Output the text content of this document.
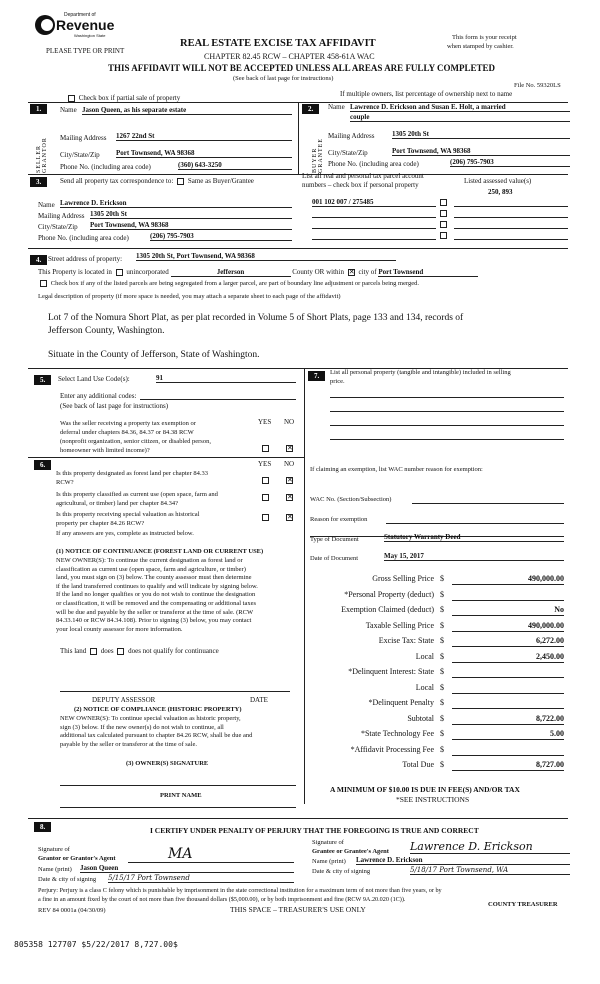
Department of
Revenue
Washington State
PLEASE TYPE OR PRINT
REAL ESTATE EXCISE TAX AFFIDAVIT
CHAPTER 82.45 RCW – CHAPTER 458-61A WAC
THIS AFFIDAVIT WILL NOT BE ACCEPTED UNLESS ALL AREAS ARE FULLY COMPLETED
(See back of last page for instructions)
This form is your receipt
when stamped by cashier.
File No. 59320LS
Check box if partial sale of property	If multiple owners, list percentage of ownership next to name
1.
SELLER GRANTOR
Name Jason Queen, as his separate estate
Mailing Address 1267 22nd St
City/State/Zip Port Townsend, WA 98368
Phone No. (including area code)	(360) 643-3250
2.
BUYER GRANTEE
Name Lawrence D. Erickson and Susan E. Holt, a married
couple
Mailing Address	1305 20th St
City/State/Zip	Port Townsend, WA 98368
Phone No. (including area code)	(206) 795-7903
3.	Send all property tax correspondence to: Same as Buyer/Grantee
Name Lawrence D. Erickson
Mailing Address 1305 20th St
City/State/Zip Port Townsend, WA 98368
Phone No. (including area code)	(206) 795-7903
List all real and personal tax parcel account
numbers – check box if personal property	Listed assessed value(s)
250, 893
001 102 007 / 275485
4. Street address of property: 1305 20th St, Port Townsend, WA 98368
This Property is located in unincorporated	Jefferson	County OR within ✕ city of Port Townsend
Check box if any of the listed parcels are being segregated from a larger parcel, are part of boundary line adjustment or parcels being merged.
Legal description of property (if more space is needed, you may attach a separate sheet to each page of the affidavit)
Lot 7 of the Nomura Short Plat, as per plat recorded in Volume 5 of Short Plats, page 133 and 134, records of
Jefferson County, Washington.
Situate in the County of Jefferson, State of Washington.
5.	Select Land Use Code(s):	91
Enter any additional codes:
(See back of last page for instructions)
YES NO
Was the seller receiving a property tax exemption or
deferral under chapters 84.36, 84.37 or 84.38 RCW
(nonprofit organization, senior citizen, or disabled person,
homeowner with limited income)?	✕
6.	YES NO
Is this property designated as forest land per chapter 84.33
RCW?	✕
Is this property classified as current use (open space, farm and
agricultural, or timber) land per chapter 84.34?
✕
Is this property receiving special valuation as historical
property per chapter 84.26 RCW?
✕
If any answers are yes, complete as instructed below.
(1) NOTICE OF CONTINUANCE (FOREST LAND OR CURRENT USE)
NEW OWNER(S): To continue the current designation as forest land or
classification as current use (open space, farm and agriculture, or timber)
land, you must sign on (3) below. The county assessor must then determine
if the land transferred continues to qualify and will indicate by signing below.
If the land no longer qualifies or you do not wish to continue the designation
or classification, it will be removed and the compensating or additional taxes
will be due and payable by the seller or transferor at the time of sale. (RCW
84.33.140 or RCW 84.34.108). Prior to signing (3) below, you may contact
your local county assessor for more information.
This land does does not qualify for continuance
DEPUTY ASSESSOR	DATE
(2) NOTICE OF COMPLIANCE (HISTORIC PROPERTY)
NEW OWNER(S): To continue special valuation as historic property,
sign (3) below. If the new owner(s) do not wish to continue, all
additional tax calculated pursuant to chapter 84.26 RCW, shall be due and
payable by the seller or transferor at the time of sale.
(3) OWNER(S) SIGNATURE
PRINT NAME
7.	List all personal property (tangible and intangible) included in selling
price.
If claiming an exemption, list WAC number reason for exemption:
WAC No. (Section/Subsection)
Reason for exemption
Type of Document	Statutory Warranty Deed
Date of Document	May 15, 2017
Gross Selling Price $	490,000.00
*Personal Property (deduct) $
Exemption Claimed (deduct) $	No
Taxable Selling Price $	490,000.00
Excise Tax: State $	6,272.00
Local $	2,450.00
*Delinquent Interest: State $
Local $
*Delinquent Penalty $
Subtotal $	8,722.00
*State Technology Fee $	5.00
*Affidavit Processing Fee $
Total Due $	8,727.00
A MINIMUM OF $10.00 IS DUE IN FEE(S) AND/OR TAX
*SEE INSTRUCTIONS
8.	I CERTIFY UNDER PENALTY OF PERJURY THAT THE FOREGOING IS TRUE AND CORRECT
Signature of
Grantor or Grantor's Agent	MA
Name (print) Jason Queen
Date & city of signing 5/15/17 Port Townsend
Signature of
Grantee or Grantee's Agent Lawrence D. Erickson
Name (print) Lawrence D. Erickson
Date & city of signing	5/18/17 Port Townsend, WA
Perjury: Perjury is a class C felony which is punishable by imprisonment in the state correctional institution for a maximum term of not more than five years, or by
a fine in an amount fixed by the court of not more than five thousand dollars ($5,000.00), or by both imprisonment and fine (RCW 9A.20.020 (1C)).
REV 84 0001a (04/30/09)	THIS SPACE – TREASURER'S USE ONLY
COUNTY TREASURER
805358 127707 $5/22/2017 8,727.00$
